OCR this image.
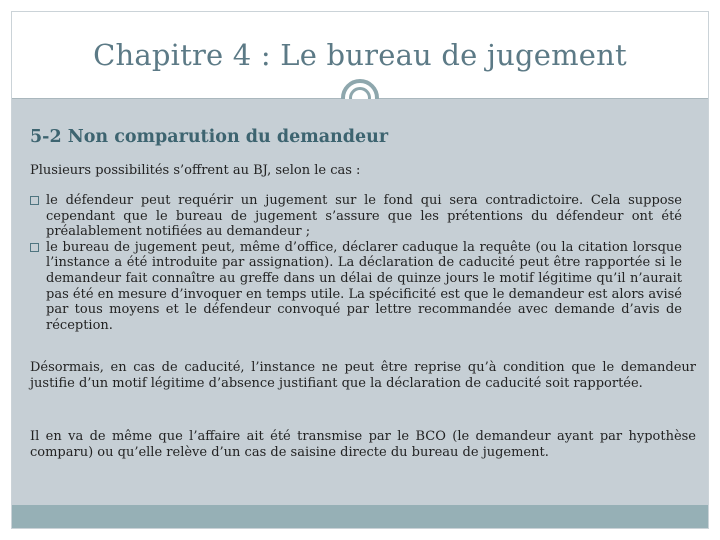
Chapitre 4 : Le bureau de jugement
5-2 Non comparution du demandeur
Plusieurs possibilités s’offrent au BJ, selon le cas :
le défendeur peut requérir un jugement sur le fond qui sera contradictoire. Cela suppose cependant que le bureau de jugement s’assure que les prétentions du défendeur ont été préalablement notifiées au demandeur ;
le bureau de jugement peut, même d’office, déclarer caduque la requête (ou la citation lorsque l’instance a été introduite par assignation). La déclaration de caducité peut être rapportée si le demandeur fait connaître au greffe dans un délai de quinze jours le motif légitime qu’il n’aurait pas été en mesure d’invoquer en temps utile. La spécificité est que le demandeur est alors avisé par tous moyens et le défendeur convoqué par lettre recommandée avec demande d’avis de réception.
Désormais, en cas de caducité, l’instance ne peut être reprise qu’à condition que le demandeur justifie d’un motif légitime d’absence justifiant que la déclaration de caducité soit rapportée.
Il en va de même que l’affaire ait été transmise par le BCO (le demandeur ayant par hypothèse comparu) ou qu’elle relève d’un cas de saisine directe du bureau de jugement.
